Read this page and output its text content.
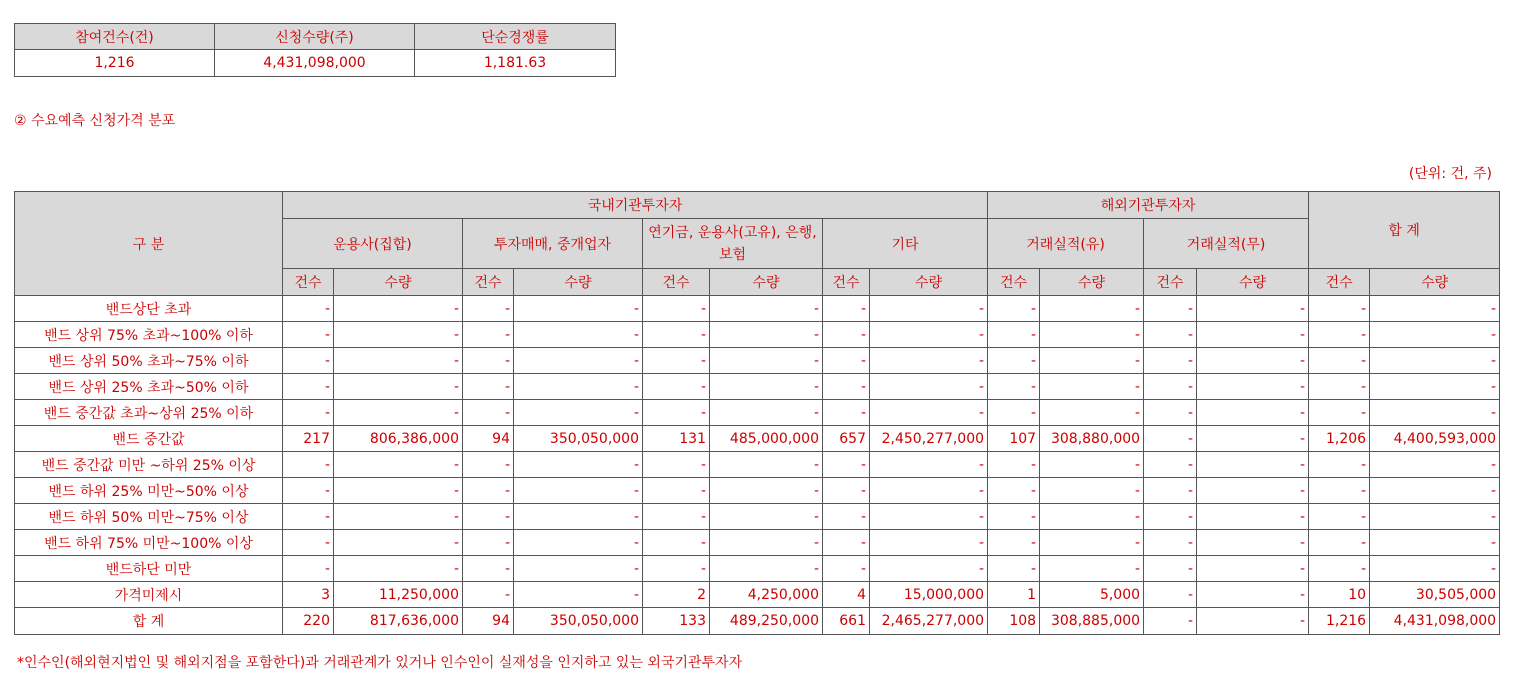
참여건수(건)	신청수량(주)	단순경쟁률
1,216	4,431,098,000	1,181.63
② 수요예측 신청가격 분포
(단위: 건, 주)
구 분	국내기관투자자								해외기관투자자				합 계	
	운용사(집합)		투자매매, 중개업자		연기금, 운용사(고유), 은행, 보험		기타		거래실적(유)		거래실적(무)			
	건수	수량	건수	수량	건수	수량	건수	수량	건수	수량	건수	수량	건수	수량
밴드상단 초과	-	-	-	-	-	-	-	-	-	-	-	-	-	-
밴드 상위 75% 초과~100% 이하	-	-	-	-	-	-	-	-	-	-	-	-	-	-
밴드 상위 50% 초과~75% 이하	-	-	-	-	-	-	-	-	-	-	-	-	-	-
밴드 상위 25% 초과~50% 이하	-	-	-	-	-	-	-	-	-	-	-	-	-	-
밴드 중간값 초과~상위 25% 이하	-	-	-	-	-	-	-	-	-	-	-	-	-	-
밴드 중간값	217	806,386,000	94	350,050,000	131	485,000,000	657	2,450,277,000	107	308,880,000	-	-	1,206	4,400,593,000
밴드 중간값 미만 ~하위 25% 이상	-	-	-	-	-	-	-	-	-	-	-	-	-	-
밴드 하위 25% 미만~50% 이상	-	-	-	-	-	-	-	-	-	-	-	-	-	-
밴드 하위 50% 미만~75% 이상	-	-	-	-	-	-	-	-	-	-	-	-	-	-
밴드 하위 75% 미만~100% 이상	-	-	-	-	-	-	-	-	-	-	-	-	-	-
밴드하단 미만	-	-	-	-	-	-	-	-	-	-	-	-	-	-
가격미제시	3	11,250,000	-	-	2	4,250,000	4	15,000,000	1	5,000	-	-	10	30,505,000
합 계	220	817,636,000	94	350,050,000	133	489,250,000	661	2,465,277,000	108	308,885,000	-	-	1,216	4,431,098,000
*인수인(해외현지법인 및 해외지점을 포함한다)과 거래관계가 있거나 인수인이 실재성을 인지하고 있는 외국기관투자자
